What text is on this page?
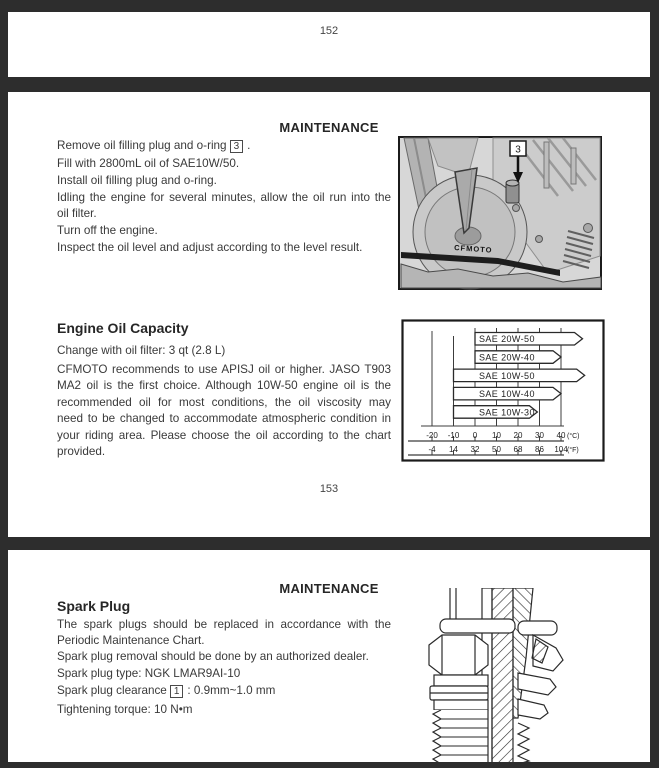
152
MAINTENANCE
Remove oil filling plug and o-ring 3 .
Fill with 2800mL oil of SAE10W/50.
Install oil filling plug and o-ring.
Idling the engine for several minutes, allow the oil run into the
oil filter.
Turn off the engine.
Inspect the oil level and adjust according to the level result.	CFMOTO
3
Engine Oil Capacity
Change with oil filter: 3 qt (2.8 L)
CFMOTO recommends to use APISJ oil or higher. JASO T903
MA2 oil is the first choice. Although 10W-50 engine oil is the
recommended oil for most conditions, the oil viscosity may
need to be changed to accommodate atmospheric condition in
your riding area. Please choose the oil according to the chart
provided.
SAE 20W-50
SAE 20W-40
SAE 10W-50
SAE 10W-40
SAE 10W-30
-20 -10 0 10 20 30 40 (°C)
-4 14 32 50 68 86 104 (°F)
153
MAINTENANCE
Spark Plug
The spark plugs should be replaced in accordance with the
Periodic Maintenance Chart.
Spark plug removal should be done by an authorized dealer.
Spark plug type: NGK LMAR9AI-10
Spark plug clearance 1 : 0.9mm~1.0 mm
Tightening torque: 10 N•m
